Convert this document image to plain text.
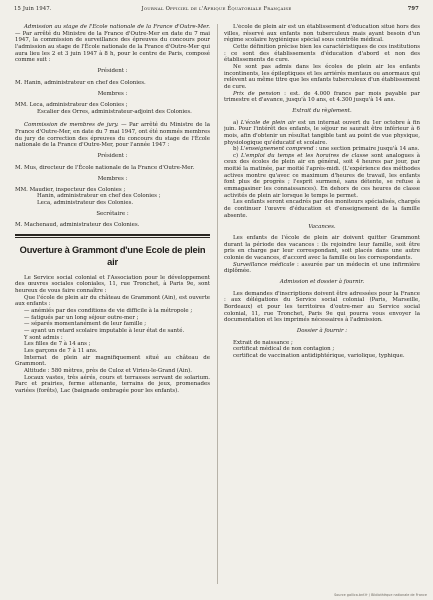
15 Juin 1947.	Journal Officiel de l'Afrique Équatoriale Française	797

Admission au stage de l'École nationale de la France d'Outre-Mer. — Par arrêté du Ministre de la France d'Outre-Mer en date du 7 mai 1947, la commission de surveillance des épreuves du concours pour l'admission au stage de l'École nationale de la France d'Outre-Mer qui aura lieu les 2 et 3 juin 1947 à 8 h, pour le centre de Paris, composé comme suit :

Président :

M. Hanin, administrateur en chef des Colonies.

Membres :

MM. Leca, administrateur des Colonies ;

Escalier des Orres, administrateur-adjoint des Colonies.

Commission de membres de jury. — Par arrêté du Ministre de la France d'Outre-Mer, en date du 7 mai 1947, ont été nommés membres du jury de correction des épreuves du concours du stage de l'École nationale de la France d'Outre-Mer, pour l'année 1947 :

Président :

M. Mus, directeur de l'École nationale de la France d'Outre-Mer.

Membres :

MM. Maudier, inspecteur des Colonies ;

Hanin, administrateur en chef des Colonies ;

Leca, administrateur des Colonies.

Secrétaire :

M. Machenaud, administrateur des Colonies.

Ouverture à Grammont d'une Ecole de plein air

Le Service social colonial et l'Association pour le développement des œuvres sociales coloniales, 11, rue Tronchet, à Paris 9e, sont heureux de vous faire connaître :

Que l'école de plein air du château de Grammont (Ain), est ouverte aux enfants :

— anémiés par des conditions de vie difficile à la métropole ;

— fatigués par un long séjour outre-mer ;

— séparés momentanément de leur famille ;

— ayant un retard scolaire imputable à leur état de santé.

Y sont admis :

Les filles de 7 à 14 ans ;

Les garçons de 7 à 11 ans.

Internat de plein air magnifiquement situé au château de Grammont.

Altitude : 580 mètres, près de Culoz et Virieu-le-Grand (Ain).

Locaux vastes, très aérés, cours et terrasses servant de solarium. Parc et prairies, ferme attenante, terrains de jeux, promenades variées (forêts), Lac (baignade ombragée pour les enfants).

L'école de plein air est un établissement d'éducation situé hors des villes, réservé aux enfants non tuberculeux mais ayant besoin d'un régime scolaire hygiénique spécial sous contrôle médical.

Cette définition précise bien les caractéristiques de ces institutions : ce sont des établissements d'éducation d'abord et non des établissements de cure.

Ne sont pas admis dans les écoles de plein air les enfants incontinents, les épileptiques et les arriérés mentaux ou anormaux qui relèvent au même titre que les enfants tuberculeux d'un établissement de cure.

Prix de pension : est. de 4.000 francs par mois payable par trimestre et d'avance, jusqu'à 10 ans, et 4.300 jusqu'à 14 ans.

Extrait du règlement.

a) L'école de plein air est un internat ouvert du 1er octobre à fin juin. Pour l'intérêt des enfants, le séjour ne saurait être inférieur à 6 mois, afin d'obtenir un résultat tangible tant au point de vue physique, physiologique qu'éducatif et scolaire.

b) L'enseignement comprend : une section primaire jusqu'à 14 ans.

c) L'emploi du temps et les horaires de classe sont analogues à ceux des écoles de plein air en général, soit 4 heures par jour, par moitié la matinée, par moitié l'après-midi. (L'expérience des méthodes actives montre qu'avec ce maximum d'heures de travail, les enfants font plus de progrès ; l'esprit surmené, sans détente, se refuse à emmagasiner les connaissances). En dehors de ces heures de classe activités de plein air lorsque le temps le permet.

Les enfants seront encadrés par des moniteurs spécialisés, chargés de continuer l'œuvre d'éducation et d'enseignement de la famille absente.

Vacances.

Les enfants de l'école de plein air doivent quitter Grammont durant la période des vacances : ils rejoindre leur famille, soit être pris en charge par leur correspondant, soit placés dans une autre colonie de vacances, d'accord avec la famille ou les correspondants.

Surveillance médicale : assurée par un médecin et une infirmière diplômée.

Admission et dossier à fournir.

Les demandes d'inscriptions doivent être adressées pour la France : aux délégations du Service social colonial (Paris, Marseille, Bordeaux) et pour les territoires d'outre-mer au Service social colonial, 11, rue Tronchet, Paris 9e qui pourra vous envoyer la documentation et les imprimés nécessaires à l'admission.

Dossier à fournir :

Extrait de naissance ;

certificat médical de non contagion ;

certificat de vaccination antidiphtérique, variolique, typhique.

Source gallica.bnf.fr / Bibliothèque nationale de France
